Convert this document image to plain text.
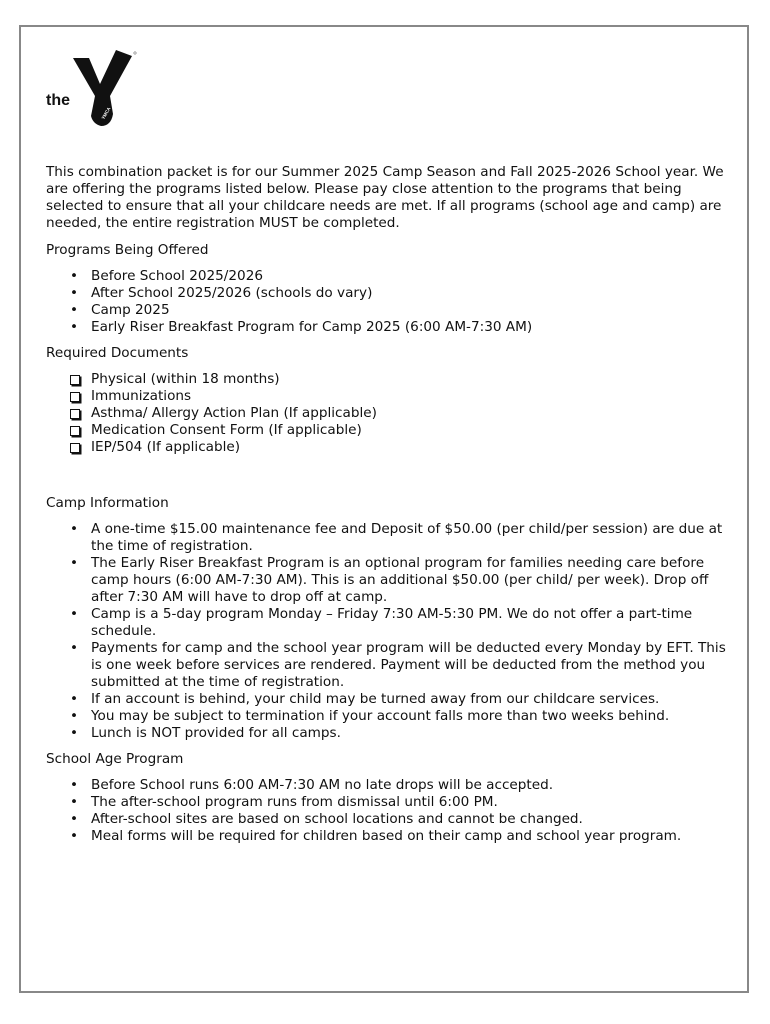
the
YMCA

This combination packet is for our Summer 2025 Camp Season and Fall 2025-2026 School year. We are offering the programs listed below. Please pay close attention to the programs that being selected to ensure that all your childcare needs are met. If all programs (school age and camp) are needed, the entire registration MUST be completed.

Programs Being Offered

• Before School 2025/2026
• After School 2025/2026 (schools do vary)
• Camp 2025
• Early Riser Breakfast Program for Camp 2025 (6:00 AM-7:30 AM)

Required Documents

Physical (within 18 months)
Immunizations
Asthma/ Allergy Action Plan (If applicable)
Medication Consent Form (If applicable)
IEP/504 (If applicable)

Camp Information

• A one-time $15.00 maintenance fee and Deposit of $50.00 (per child/per session) are due at the time of registration.
• The Early Riser Breakfast Program is an optional program for families needing care before camp hours (6:00 AM-7:30 AM). This is an additional $50.00 (per child/ per week). Drop off after 7:30 AM will have to drop off at camp.
• Camp is a 5-day program Monday – Friday 7:30 AM-5:30 PM. We do not offer a part-time schedule.
• Payments for camp and the school year program will be deducted every Monday by EFT. This is one week before services are rendered. Payment will be deducted from the method you submitted at the time of registration.
• If an account is behind, your child may be turned away from our childcare services.
• You may be subject to termination if your account falls more than two weeks behind.
• Lunch is NOT provided for all camps.

School Age Program

• Before School runs 6:00 AM-7:30 AM no late drops will be accepted.
• The after-school program runs from dismissal until 6:00 PM.
• After-school sites are based on school locations and cannot be changed.
• Meal forms will be required for children based on their camp and school year program.
